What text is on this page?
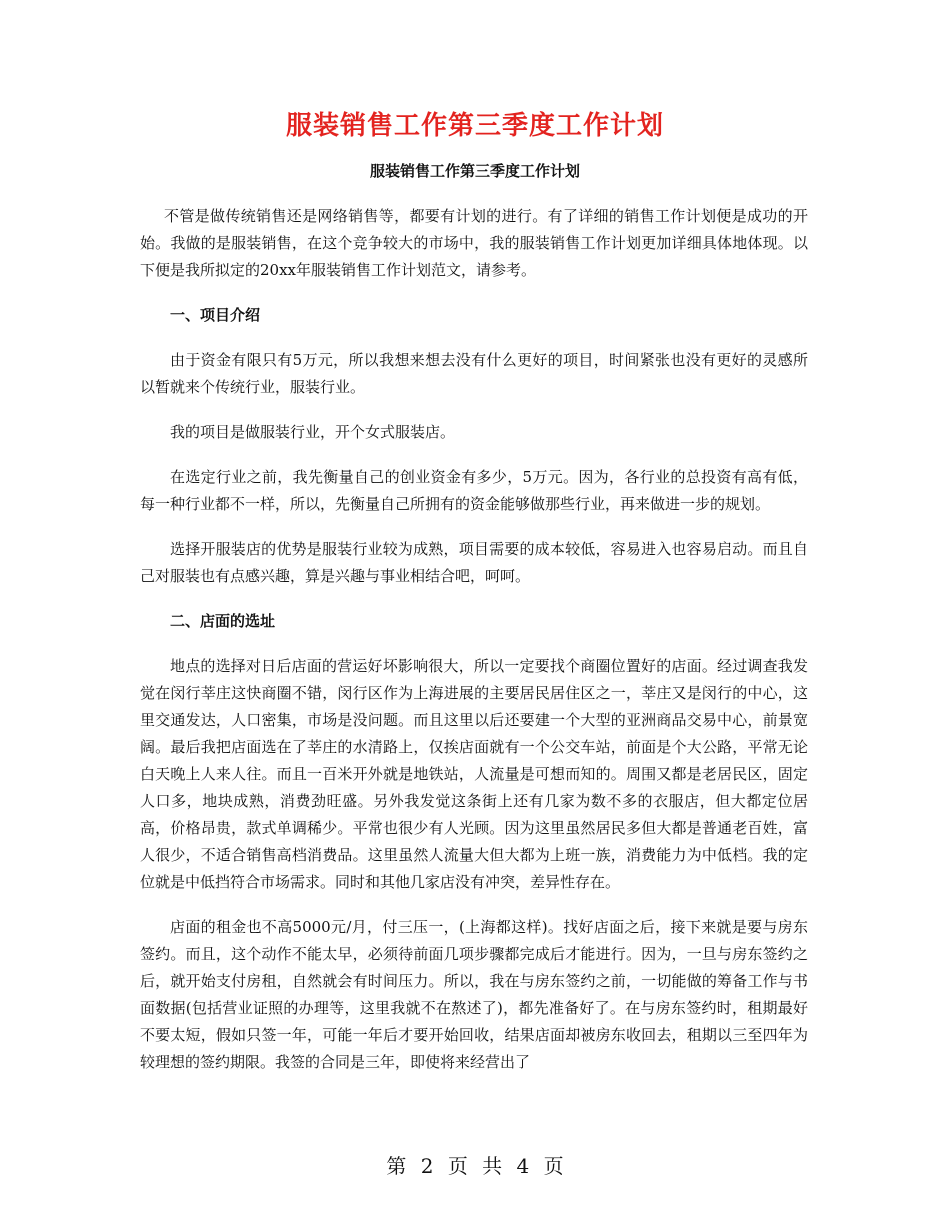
服装销售工作第三季度工作计划
服装销售工作第三季度工作计划

不管是做传统销售还是网络销售等，都要有计划的进行。有了详细的销售工作计划便是成功的开始。我做的是服装销售，在这个竞争较大的市场中，我的服装销售工作计划更加详细具体地体现。以下便是我所拟定的20xx年服装销售工作计划范文，请参考。

一、项目介绍

由于资金有限只有5万元，所以我想来想去没有什么更好的项目，时间紧张也没有更好的灵感所以暂就来个传统行业，服装行业。

我的项目是做服装行业，开个女式服装店。

在选定行业之前，我先衡量自己的创业资金有多少，5万元。因为，各行业的总投资有高有低，每一种行业都不一样，所以，先衡量自己所拥有的资金能够做那些行业，再来做进一步的规划。

选择开服装店的优势是服装行业较为成熟，项目需要的成本较低，容易进入也容易启动。而且自己对服装也有点感兴趣，算是兴趣与事业相结合吧，呵呵。

二、店面的选址

地点的选择对日后店面的营运好坏影响很大，所以一定要找个商圈位置好的店面。经过调查我发觉在闵行莘庄这快商圈不错，闵行区作为上海进展的主要居民居住区之一，莘庄又是闵行的中心，这里交通发达，人口密集，市场是没问题。而且这里以后还要建一个大型的亚洲商品交易中心，前景宽阔。最后我把店面选在了莘庄的水清路上，仅挨店面就有一个公交车站，前面是个大公路，平常无论白天晚上人来人往。而且一百米开外就是地铁站，人流量是可想而知的。周围又都是老居民区，固定人口多，地块成熟，消费劲旺盛。另外我发觉这条街上还有几家为数不多的衣服店，但大都定位居高，价格昂贵，款式单调稀少。平常也很少有人光顾。因为这里虽然居民多但大都是普通老百姓，富人很少，不适合销售高档消费品。这里虽然人流量大但大都为上班一族，消费能力为中低档。我的定位就是中低挡符合市场需求。同时和其他几家店没有冲突，差异性存在。

店面的租金也不高5000元/月，付三压一，(上海都这样)。找好店面之后，接下来就是要与房东签约。而且，这个动作不能太早，必须待前面几项步骤都完成后才能进行。因为，一旦与房东签约之后，就开始支付房租，自然就会有时间压力。所以，我在与房东签约之前，一切能做的筹备工作与书面数据(包括营业证照的办理等，这里我就不在熬述了)，都先准备好了。在与房东签约时，租期最好不要太短，假如只签一年，可能一年后才要开始回收，结果店面却被房东收回去，租期以三至四年为较理想的签约期限。我签的合同是三年，即使将来经营出了

第 2 页 共 4 页
